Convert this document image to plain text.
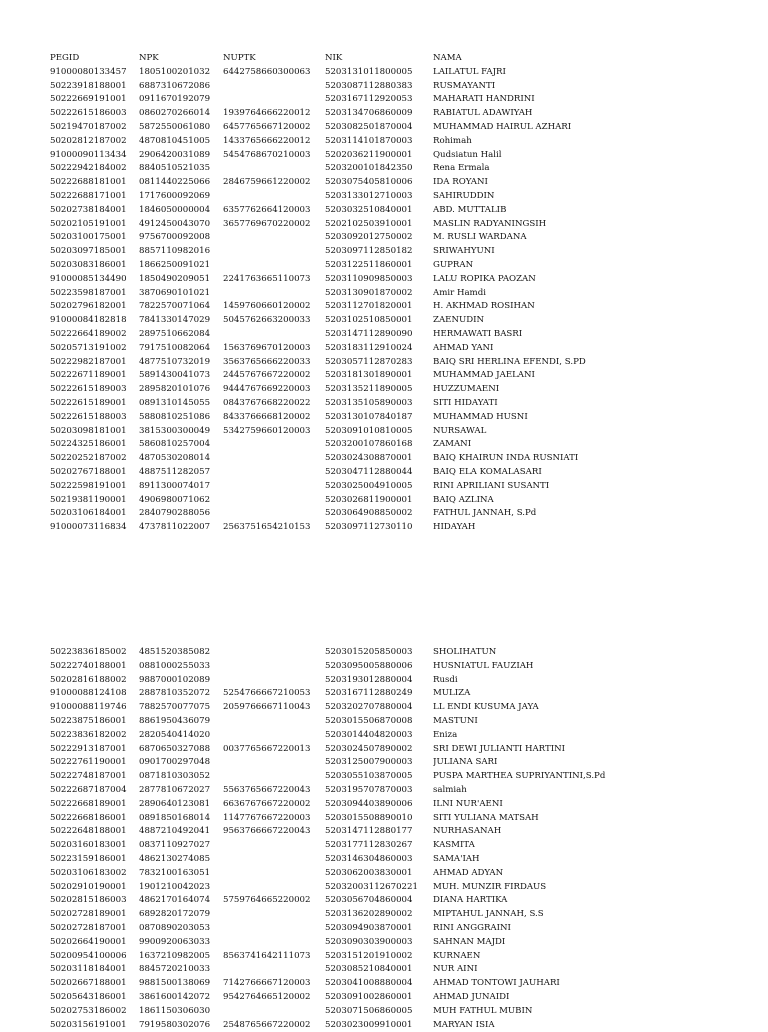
PEGID	NPK	NUPTK	NIK	NAMA
91000080133457	1805100201032	6442758660300063	5203131011800005	LAILATUL FAJRI
50223918188001	6887310672086		5203087112880383	RUSMAYANTI
50222669191001	0911670192079		5203167112920053	MAHARATI HANDRINI
50222615186003	0860270266014	1939764666220012	5203134706860009	RABIATUL ADAWIYAH
50219470187002	5872550061080	6457765667120002	5203082501870004	MUHAMMAD HAIRUL AZHARI
50202812187002	4870810451005	1433765666220012	5203114101870003	Rohimah
91000090113434	2906420031089	5454768670210003	5202036211900001	Qudsiatun Halil
50222942184002	8840510521035		5203200101842350	Rena Ermala
50222688181001	0811440225066	2846759661220002	5203075405810006	IDA ROYANI
50222688171001	1717600092069		5203133012710003	SAHIRUDDIN
50202738184001	1846050000004	6357762664120003	5203032510840001	ABD. MUTTALIB
50202105191001	4912450043070	3657769670220002	5202102503910001	MASLIN RADYANINGSIH
50203100175001	9756700092008		5203092012750002	M. RUSLI WARDANA
50203097185001	8857110982016		5203097112850182	SRIWAHYUNI
50203083186001	1866250091021		5203122511860001	GUPRAN
91000085134490	1850490209051	2241763665110073	5203110909850003	LALU ROPIKA PAOZAN
50223598187001	3870690101021		5203130901870002	Amir Hamdi
50202796182001	7822570071064	1459760660120002	5203112701820001	H. AKHMAD ROSIHAN
91000084182818	7841330147029	5045762663200033	5203102510850001	ZAENUDIN
50222664189002	2897510662084		5203147112890090	HERMAWATI BASRI
50205713191002	7917510082064	1563769670120003	5203183112910024	AHMAD YANI
50222982187001	4877510732019	3563765666220033	5203057112870283	BAIQ SRI HERLINA EFENDI, S.PD
50222671189001	5891430041073	2445767667220002	5203181301890001	MUHAMMAD JAELANI
50222615189003	2895820101076	9444767669220003	5203135211890005	HUZZUMAENI
50222615189001	0891310145055	0843767668220022	5203135105890003	SITI HIDAYATI
50222615188003	5880810251086	8433766668120002	5203130107840187	MUHAMMAD HUSNI
50203098181001	3815300300049	5342759660120003	5203091010810005	NURSAWAL
50224325186001	5860810257004		5203200107860168	ZAMANI
50220252187002	4870530208014		5203024308870001	BAIQ KHAIRUN INDA RUSNIATI
50202767188001	4887511282057		5203047112880044	BAIQ ELA KOMALASARI
50222598191001	8911300074017		5203025004910005	RINI APRILIANI SUSANTI
50219381190001	4906980071062		5203026811900001	BAIQ AZLINA
50203106184001	2840790288056		5203064908850002	FATHUL JANNAH, S.Pd
91000073116834	4737811022007	2563751654210153	5203097112730110	HIDAYAH
50223836185002	4851520385082		5203015205850003	SHOLIHATUN
50222740188001	0881000255033		5203095005880006	HUSNIATUL FAUZIAH
50202816188002	9887000102089		5203193012880004	Rusdi
91000088124108	2887810352072	5254766667210053	5203167112880249	MULIZA
91000088119746	7882570077075	2059766667110043	5203202707880004	LL ENDI KUSUMA JAYA
50223875186001	8861950436079		5203015506870008	MASTUNI
50223836182002	2820540414020		5203014404820003	Eniza
50222913187001	6870650327088	0037765667220013	5203024507890002	SRI DEWI JULIANTI HARTINI
50222761190001	0901700297048		5203125007900003	JULIANA SARI
50222748187001	0871810303052		5203055103870005	PUSPA MARTHEA SUPRIYANTINI,S.Pd
50222687187004	2877810672027	5563765667220043	5203195707870003	salmiah
50222668189001	2890640123081	6636767667220002	5203094403890006	ILNI NUR'AENI
50222668186001	0891850168014	1147767667220003	5203015508890010	SITI YULIANA MATSAH
50222648188001	4887210492041	9563766667220043	5203147112880177	NURHASANAH
50203160183001	0837110927027		5203177112830267	KASMITA
50223159186001	4862130274085		5203146304860003	SAMA'IAH
50203106183002	7832100163051		5203062003830001	AHMAD ADYAN
50202910190001	1901210042023		5203200311267022​1	MUH. MUNZIR FIRDAUS
50202815186003	4862170164074	5759764665220002	5203056704860004	DIANA HARTIKA
50202728189001	6892820172079		5203136202890002	MIPTAHUL JANNAH, S.S
50202728187001	0870890203053		5203094903870001	RINI ANGGRAINI
50202664190001	9900920063033		5203090303900003	SAHNAN MAJDI
50200954100006	1637210982005	8563741642111073	5203151201910002	KURNAEN
50203118184001	8845720210033		5203085210840001	NUR AINI
50202667188001	9881500138069	7142766667120003	5203041008880004	AHMAD TONTOWI JAUHARI
50205643186001	3861600142072	9542764665120002	5203091002860001	AHMAD JUNAIDI
50202753186002	1861150306030		5203071506860005	MUH FATHUL MUBIN
50203156191001	7919580302076	2548765667220002	5203023009910001	MARYAN ISIA
